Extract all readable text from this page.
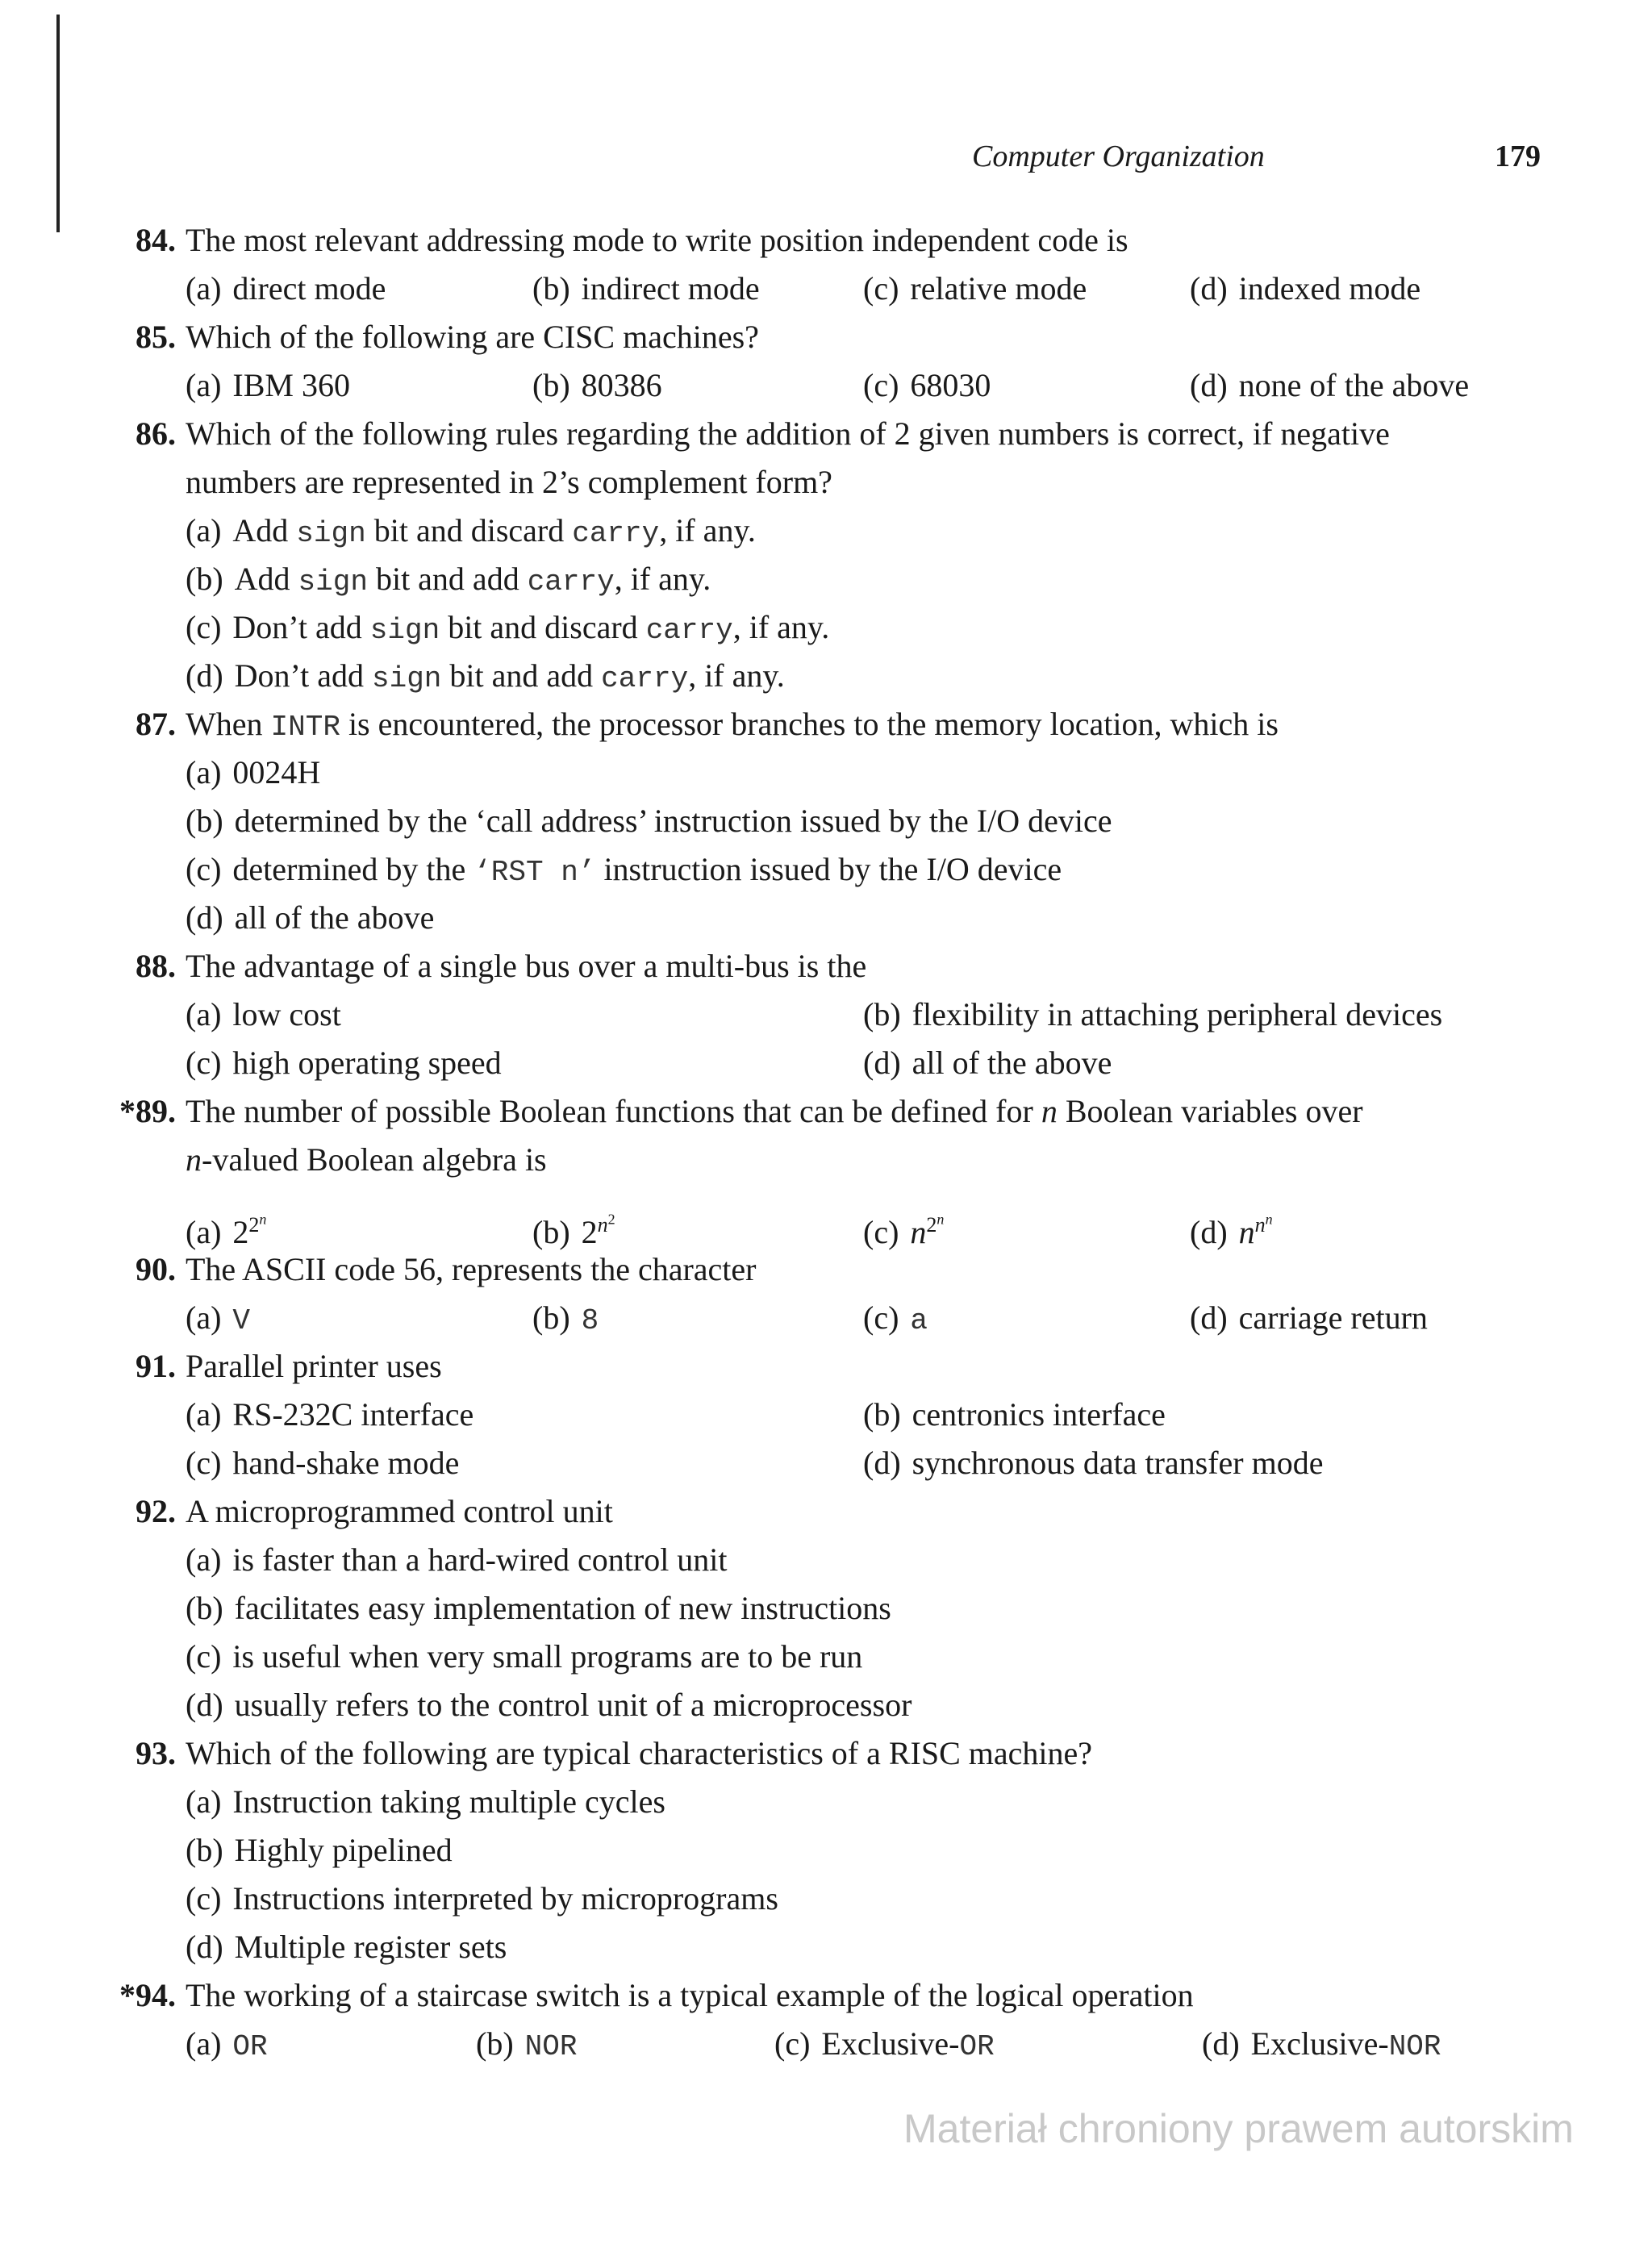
Computer Organization	179
84. The most relevant addressing mode to write position independent code is
(a) direct mode	(b) indirect mode	(c) relative mode	(d) indexed mode
85. Which of the following are CISC machines?
(a) IBM 360	(b) 80386	(c) 68030	(d) none of the above
86. Which of the following rules regarding the addition of 2 given numbers is correct, if negative
numbers are represented in 2’s complement form?
(a) Add sign bit and discard carry, if any.
(b) Add sign bit and add carry, if any.
(c) Don’t add sign bit and discard carry, if any.
(d) Don’t add sign bit and add carry, if any.
87. When INTR is encountered, the processor branches to the memory location, which is
(a) 0024H
(b) determined by the ‘call address’ instruction issued by the I/O device
(c) determined by the ‘RST n’ instruction issued by the I/O device
(d) all of the above
88. The advantage of a single bus over a multi-bus is the
(a) low cost	(b) flexibility in attaching peripheral devices
(c) high operating speed	(d) all of the above
*89. The number of possible Boolean functions that can be defined for n Boolean variables over
n-valued Boolean algebra is
(a) $2^{2^n}$	(b) $2^{n^2}$	(c) $n^{2^n}$	(d) $n^{n^n}$
90. The ASCII code 56, represents the character
(a) V	(b) 8	(c) a	(d) carriage return
91. Parallel printer uses
(a) RS-232C interface	(b) centronics interface
(c) hand-shake mode	(d) synchronous data transfer mode
92. A microprogrammed control unit
(a) is faster than a hard-wired control unit
(b) facilitates easy implementation of new instructions
(c) is useful when very small programs are to be run
(d) usually refers to the control unit of a microprocessor
93. Which of the following are typical characteristics of a RISC machine?
(a) Instruction taking multiple cycles
(b) Highly pipelined
(c) Instructions interpreted by microprograms
(d) Multiple register sets
*94. The working of a staircase switch is a typical example of the logical operation
(a) OR	(b) NOR	(c) Exclusive-OR	(d) Exclusive-NOR
Materiał chroniony prawem autorskim
